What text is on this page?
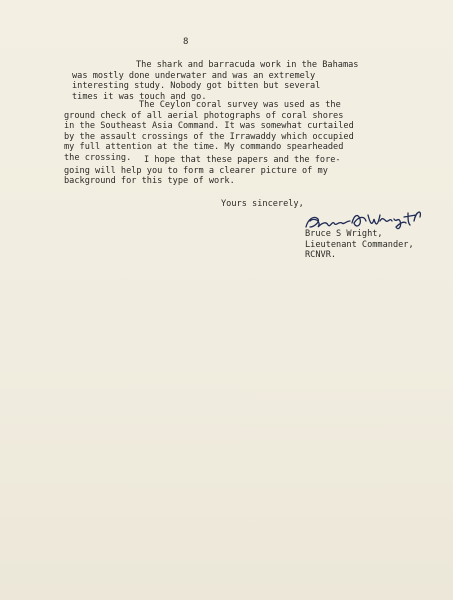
8
The shark and barracuda work in the Bahamas
was mostly done underwater and was an extremely
interesting study. Nobody got bitten but several
times it was touch and go.
The Ceylon coral survey was used as the
ground check of all aerial photographs of coral shores
in the Southeast Asia Command. It was somewhat curtailed
by the assault crossings of the Irrawaddy which occupied
my full attention at the time. My commando spearheaded
the crossing.	I hope that these papers and the fore-
going will help you to form a clearer picture of my
background for this type of work.
Yours sincerely,
Bruce S Wright,
Lieutenant Commander,
RCNVR.
